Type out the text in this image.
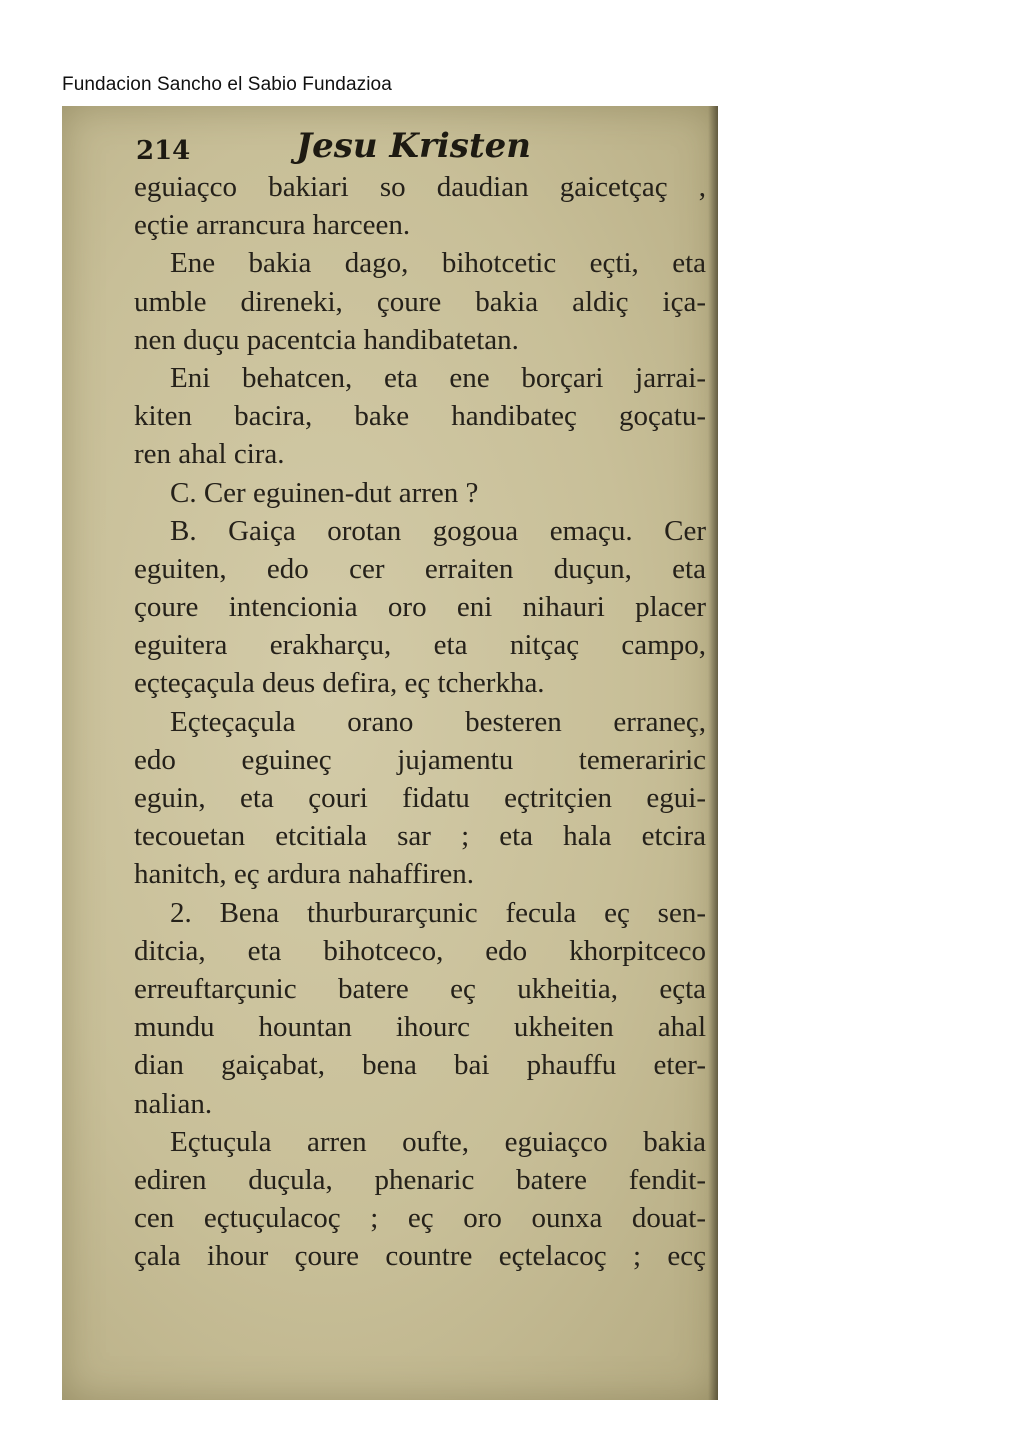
Fundacion Sancho el Sabio Fundazioa
214	Jesu Kristen
eguiaçco bakiari so daudian gaicetçaç ,
eçtie arrancura harceen.
Ene bakia dago, bihotcetic eçti, eta
umble direnеki, çoure bakia aldiç iça-
nen duçu pacentcia handibatetan.
Eni behatcen, eta ene borçari jarrai-
kiten bacira, bake handibateç goçatu-
ren ahal cira.
C. Cer eguinen-dut arren ?
B. Gaiça orotan gogoua emaçu. Cer
eguiten, edo cer erraiten duçun, eta
çoure intencionia oro eni nihauri placer
eguitera erakharçu, eta nitçaç campo,
eçteçaçula deus defira, eç tcherkha.
Eçteçaçula orano besteren erraneç,
edo eguineç jujamentu temerariric
eguin, eta çouri fidatu eçtritçien egui-
tecouetan etcitiala sar ; eta hala etcira
hanitch, eç ardura nahaffiren.
2. Bena thurburarçunic fecula eç sen-
ditcia, eta bihotceco, edo khorpitceco
erreuftarçunic batere eç ukheitia, eçta
mundu hountan ihourc ukheiten ahal
dian gaiçabat, bena bai phauffu eter-
nalian.
Eçtuçula arren oufte, eguiaçco bakia
ediren duçula, phenaric batere fendit-
cen eçtuçulacoç ; eç oro ounxa douat-
çala ihour çoure countre eçtelacoç ; ecç
